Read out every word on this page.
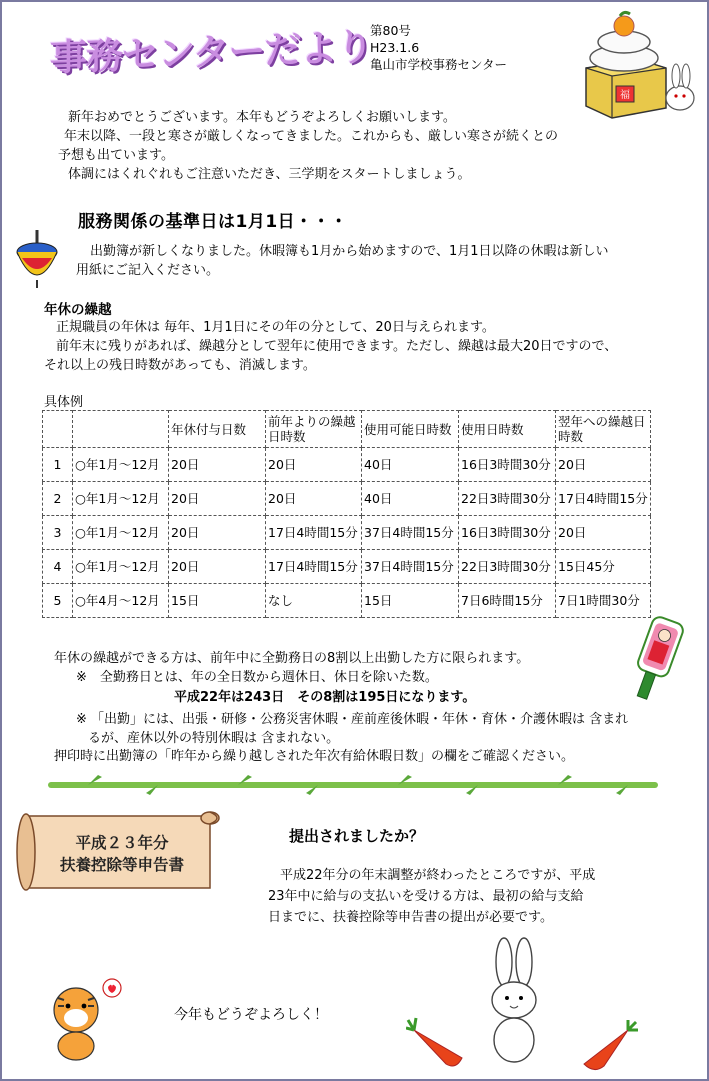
事務センターだより
第80号
H23.1.6
亀山市学校事務センター
福
新年おめでとうございます。本年もどうぞよろしくお願いします。
年末以降、一段と寒さが厳しくなってきました。これからも、厳しい寒さが続くとの
予想も出ています。
体調にはくれぐれもご注意いただき、三学期をスタートしましょう。
服務関係の基準日は1月1日・・・
出勤簿が新しくなりました。休暇簿も1月から始めますので、1月1日以降の休暇は新しい
用紙にご記入ください。
年休の繰越
正規職員の年休は 毎年、1月1日にその年の分として、20日与えられます。
前年末に残りがあれば、繰越分として翌年に使用できます。ただし、繰越は最大20日ですので、
それ以上の残日時数があっても、消滅します。
具体例
		年休付与日数	前年よりの繰越日時数	使用可能日時数	使用日時数	翌年への繰越日時数
1	○年1月～12月	20日	20日	40日	16日3時間30分	20日
2	○年1月～12月	20日	20日	40日	22日3時間30分	17日4時間15分
3	○年1月～12月	20日	17日4時間15分	37日4時間15分	16日3時間30分	20日
4	○年1月～12月	20日	17日4時間15分	37日4時間15分	22日3時間30分	15日45分
5	○年4月～12月	15日	なし	15日	7日6時間15分	7日1時間30分
年休の繰越ができる方は、前年中に全勤務日の8割以上出勤した方に限られます。
※　全勤務日とは、年の全日数から週休日、休日を除いた数。
平成22年は243日　その8割は195日になります。
※ 「出勤」には、出張・研修・公務災害休暇・産前産後休暇・年休・育休・介護休暇は 含まれ
るが、産休以外の特別休暇は 含まれない。
押印時に出勤簿の「昨年から繰り越しされた年次有給休暇日数」の欄をご確認ください。
平成２３年分
扶養控除等申告書
提出されましたか？
平成22年分の年末調整が終わったところですが、平成
23年中に給与の支払いを受ける方は、最初の給与支給
日までに、扶養控除等申告書の提出が必要です。
今年もどうぞよろしく！
